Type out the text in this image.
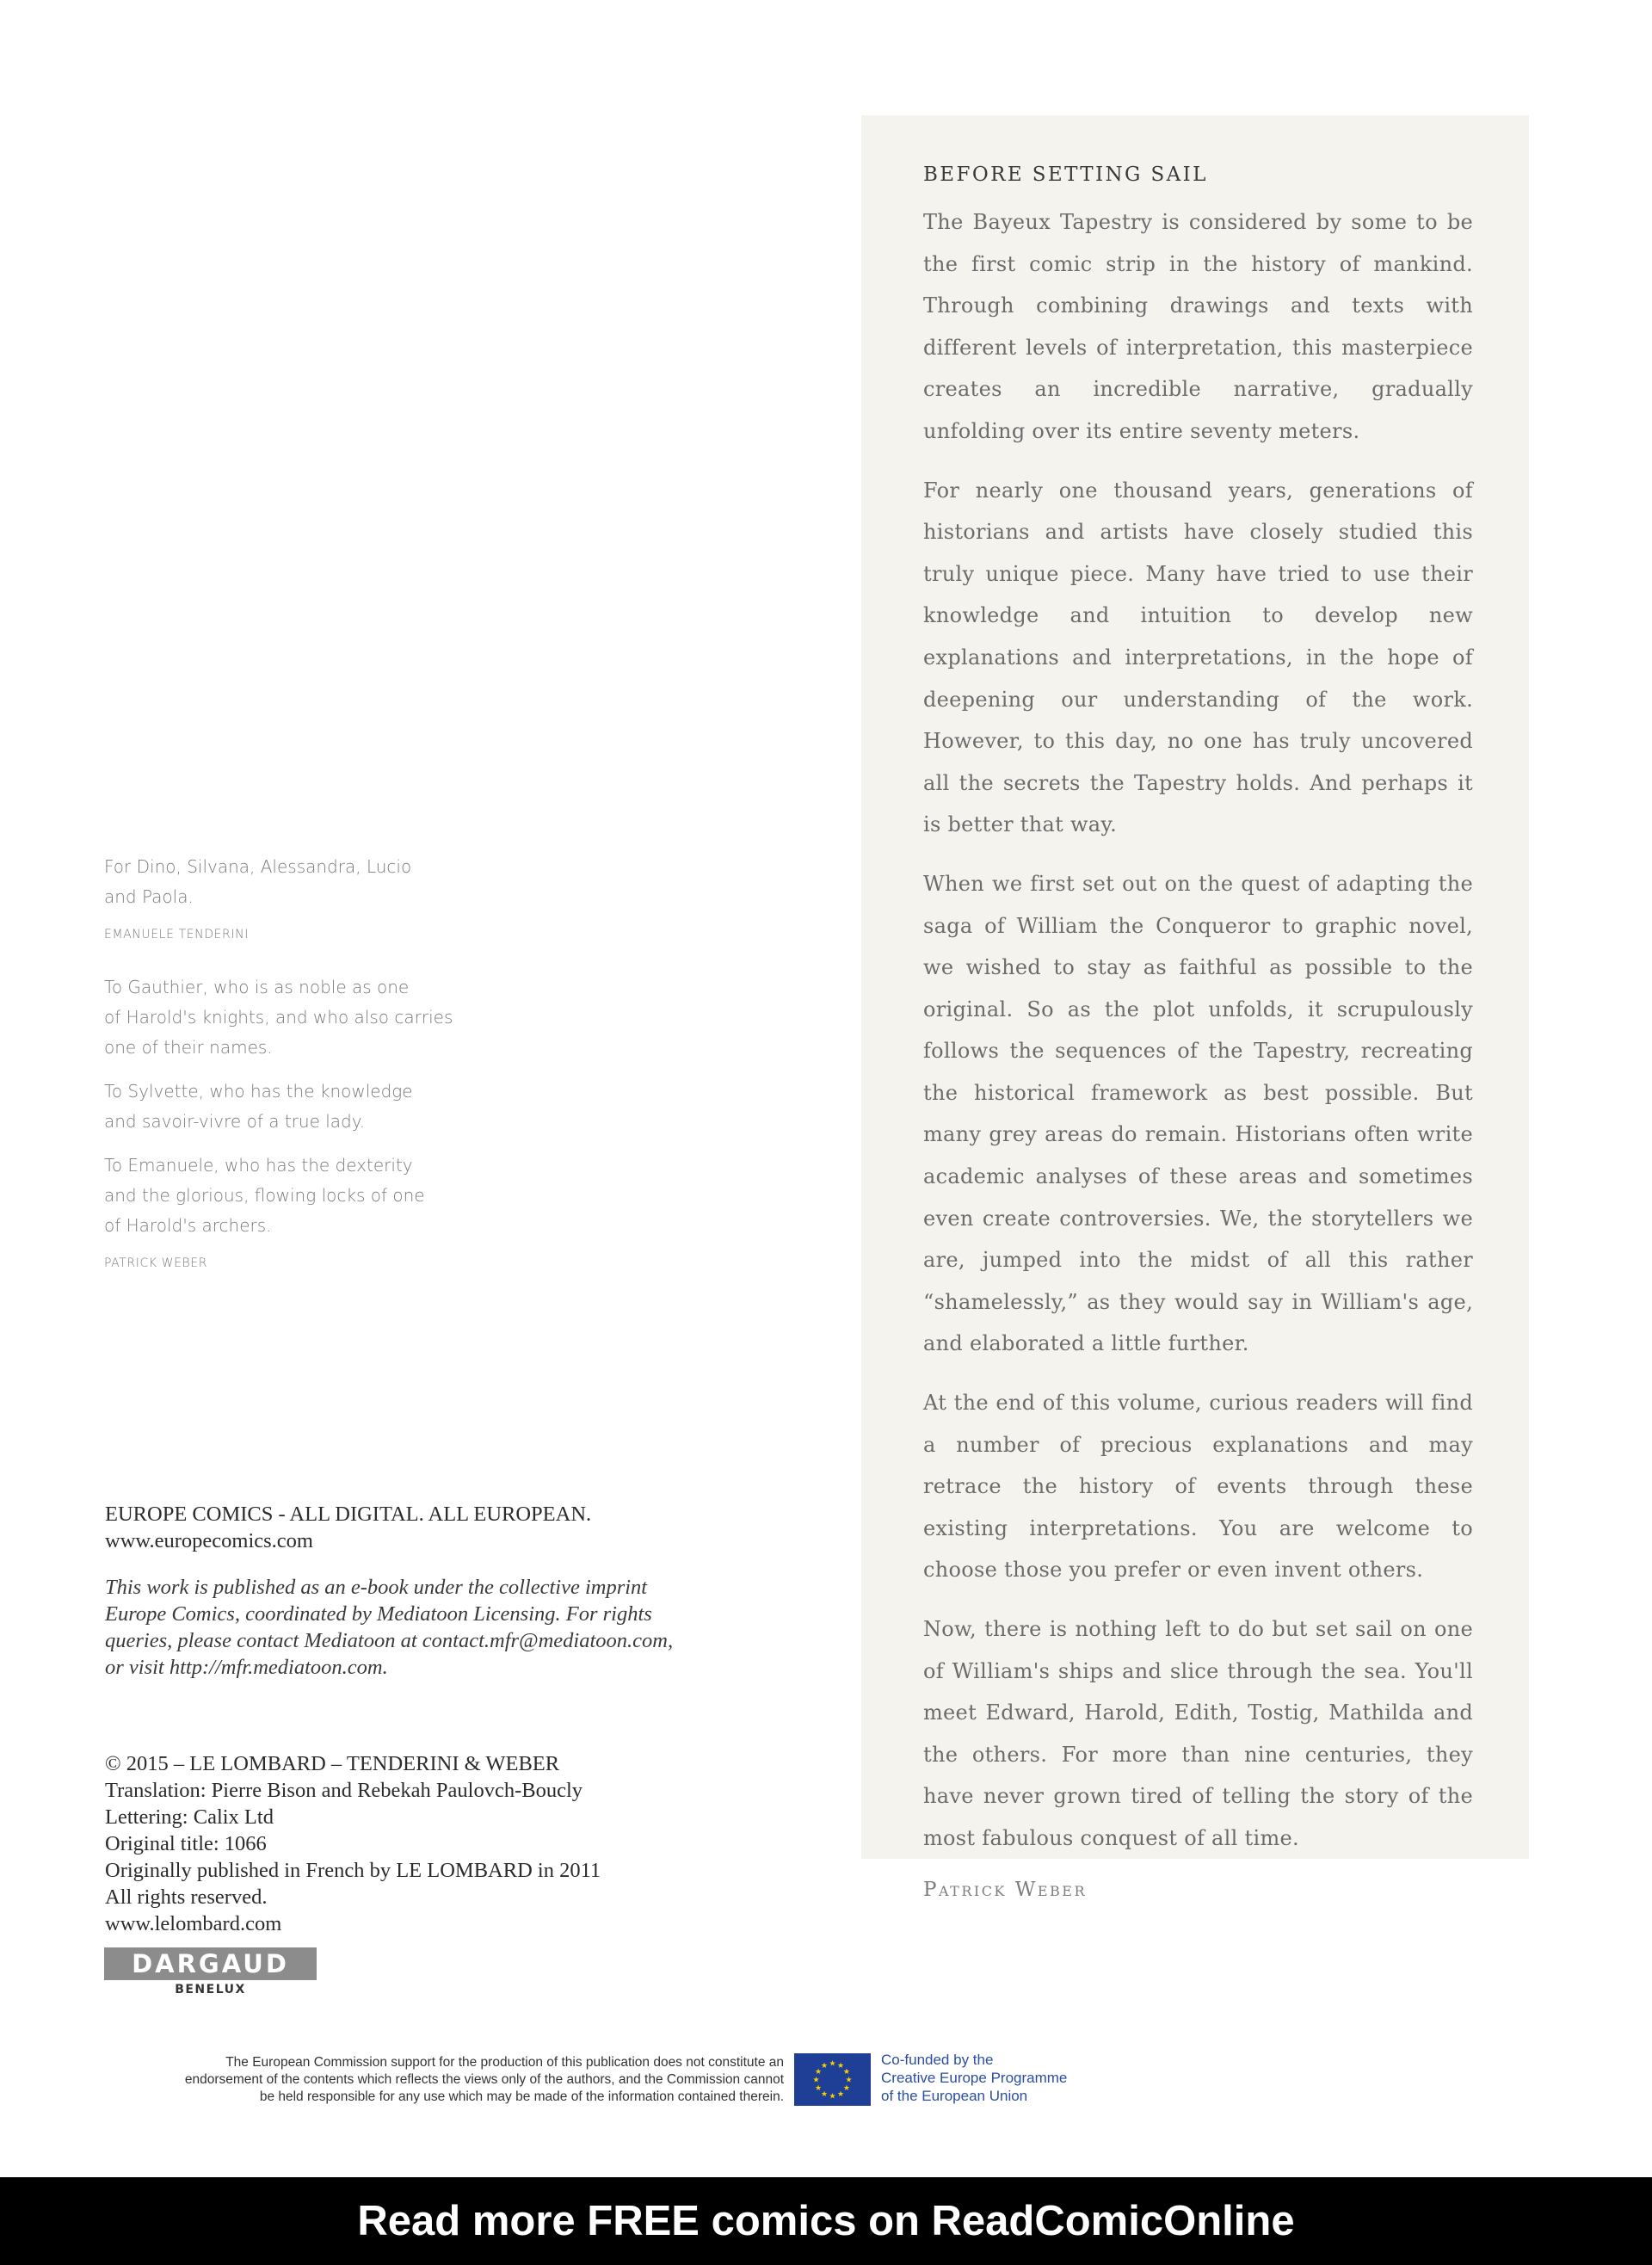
For Dino, Silvana, Alessandra, Lucio

and Paola.

EMANUELE TENDERINI

To Gauthier, who is as noble as one

of Harold's knights, and who also carries

one of their names.

To Sylvette, who has the knowledge

and savoir-vivre of a true lady.

To Emanuele, who has the dexterity

and the glorious, flowing locks of one

of Harold's archers.

PATRICK WEBER

BEFORE SETTING SAIL

The Bayeux Tapestry is considered by some to be the first comic strip in the history of mankind. Through combining drawings and texts with different levels of interpretation, this masterpiece creates an incredible narrative, gradually unfolding over its entire seventy meters.

For nearly one thousand years, generations of historians and artists have closely studied this truly unique piece. Many have tried to use their knowledge and intuition to develop new explanations and interpretations, in the hope of deepening our understanding of the work. However, to this day, no one has truly uncovered all the secrets the Tapestry holds. And perhaps it is better that way.

When we first set out on the quest of adapting the saga of William the Conqueror to graphic novel, we wished to stay as faithful as possible to the original. So as the plot unfolds, it scrupulously follows the sequences of the Tapestry, recreating the historical framework as best possible. But many grey areas do remain. Historians often write academic analyses of these areas and sometimes even create controversies. We, the storytellers we are, jumped into the midst of all this rather “shamelessly,” as they would say in William's age, and elaborated a little further.

At the end of this volume, curious readers will find a number of precious explanations and may retrace the history of events through these existing interpretations. You are welcome to choose those you prefer or even invent others.

Now, there is nothing left to do but set sail on one of William's ships and slice through the sea. You'll meet Edward, Harold, Edith, Tostig, Mathilda and the others. For more than nine centuries, they have never grown tired of telling the story of the most fabulous conquest of all time.

Patrick Weber
EUROPE COMICS - ALL DIGITAL. ALL EUROPEAN.
www.europecomics.com
This work is published as an e-book under the collective imprint
Europe Comics, coordinated by Mediatoon Licensing. For rights
queries, please contact Mediatoon at contact.mfr@mediatoon.com,
or visit http://mfr.mediatoon.com.
© 2015 – LE LOMBARD – TENDERINI & WEBER
Translation: Pierre Bison and Rebekah Paulovch-Boucly
Lettering: Calix Ltd
Original title: 1066
Originally published in French by LE LOMBARD in 2011
All rights reserved.
www.lelombard.com
DARGAUD
BENELUX
The European Commission support for the production of this publication does not constitute an
endorsement of the contents which reflects the views only of the authors, and the Commission cannot
be held responsible for any use which may be made of the information contained therein.
★ ★
★
★
★
★
★
★
★
★
★
★	Co-funded by the
Creative Europe Programme
of the European Union
Read more FREE comics on ReadComicOnline
